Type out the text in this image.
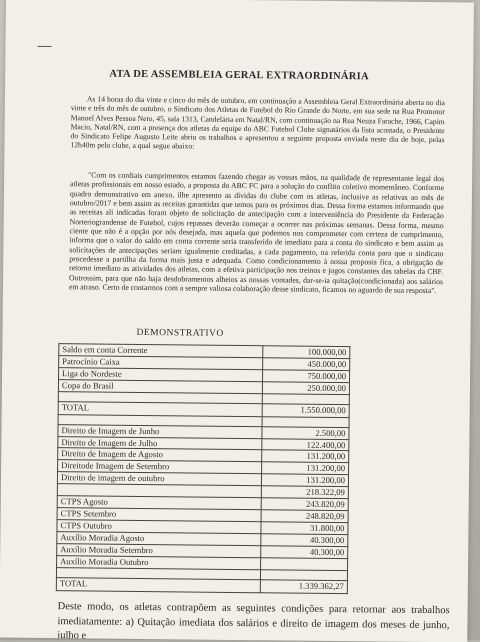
ATA DE ASSEMBLEIA GERAL EXTRAORDINÁRIA
As 14 horas do dia vinte e cinco do mês de outubro, em continuação a Assembleia Geral Extraordinária aberta no dia vinte e três do mês de outubro, o Sindicato dos Atletas de Futebol do Rio Grande do Norte, em sua sede na Rua Promotor Manoel Alves Pessoa Neto, 45, sala 1313, Candelária em Natal/RN, com continuação na Rua Neuza Farache, 1966, Capim Macio, Natal/RN, com a presença dos atletas da equipe do ABC Futebol Clube signatários da lista acostada, o Presidente do Sindicato Felipe Augusto Leite abriu os trabalhos e apresentou a seguinte proposta enviada neste dia de hoje, pelas 12h40m pelo clube, a qual segue abaixo:
"Com os cordiais cumprimentos estamos fazendo chegar as vossas mãos, na qualidade de representante legal dos atletas profissionais em nosso estado, a proposta do ABC FC para a solução do conflito coletivo momentâneo. Conforme quadro demonstrativo em anexo, ilhe apresento as dívidas do clube com os atletas, inclusive as relativas ao mês de outubro/2017 e bem assim as receitas garantidas que temos para os próximos dias. Dessa forma estamos informando que as receitas ali indicadas foram objeto de solicitação de antecipação com a interveniência do Presidente da Federação Norteriograndense de Futebol, cujos repasses deverão começar a ocorrer nas próximas semanas. Dessa forma, mesmo ciente que não é a opção por nós desejada, mas aquela que podemos nos comprometer com certeza de cumprimento, informa que o valor do saldo em conta corrente seria transferido de imediato para a conta do sindicato e bem assim as solicitações de antecipações seriam igualmente creditadas, a cada pagamento, na referida conta para que o sindicato procedesse a partilha da forma mais justa e adequada. Como condicionamento à nossa proposta fica, a obrigação de retorno imediato as atividades dos atletas, com a efetiva participação nos treinos e jogos constantes das tabelas da CBF. Outrossim, para que não haja desdobramentos alheios as nossas vontades, dar-se-ia quitação(condicionada) aos salários em atraso. Certo de contarmos com a sempre valiosa colaboração desse sindicato, ficamos no aguardo de sua resposta".
DEMONSTRATIVO
Saldo em conta Corrente	100.000,00
Patrocínio Caixa	450.000,00
Liga do Nordeste	750.000,00
Copa do Brasil	250.000,00

TOTAL	1.550.000,00

Direito de Imagem de Junho	2.500,00
Direito de Imagem de Julho	122.400,00
Direito de Imagem de Agosto	131.200,00
Direitode Imagem de Setembro	131.200,00
Direito de imagem de outubro	131.200,00
	218.322,09
CTPS Agosto	243.820,09
CTPS Setembro	248.820,09
CTPS Outubro	31.800,00
Auxílio Moradia Agosto	40.300,00
Auxílio Moradia Setembro	40.300,00
Auxílio Moradia Outubro	

TOTAL	1.339.362,27
Deste modo, os atletas contrapõem as seguintes condições para retornar aos trabalhos imediatamente: a) Quitação imediata dos salários e direito de imagem dos meses de junho, julho e
